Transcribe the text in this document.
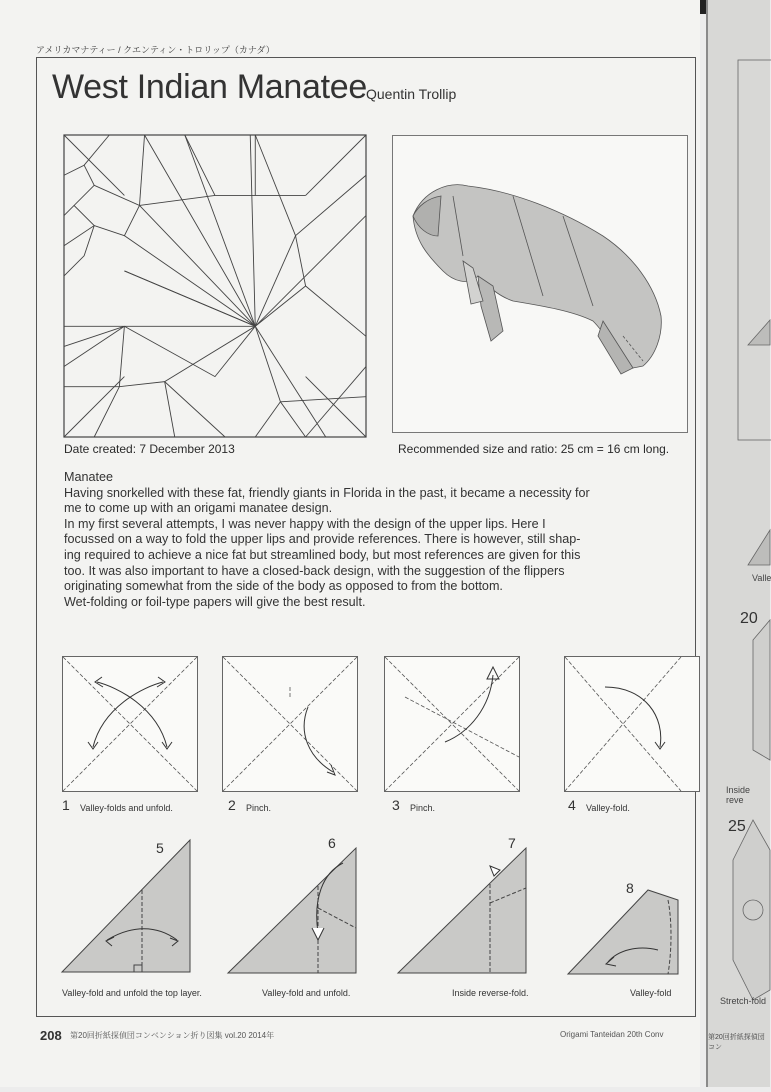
アメリカマナティー / クエンティン・トロリップ（カナダ）
West Indian Manatee Quentin Trollip
Date created: 7 December 2013	Recommended size and ratio: 25 cm = 16 cm long.
Manatee
Having snorkelled with these fat, friendly giants in Florida in the past, it became a necessity for
me to come up with an origami manatee design.
In my first several attempts, I was never happy with the design of the upper lips. Here I
focussed on a way to fold the upper lips and provide references. There is however, still shap-
ing required to achieve a nice fat but streamlined body, but most references are given for this
too. It was also important to have a closed-back design, with the suggestion of the flippers
originating somewhat from the side of the body as opposed to from the bottom.
Wet-folding or foil-type papers will give the best result.
1 Valley-folds and unfold.	2 Pinch.	3 Pinch.	4 Valley-fold.
5	6	7
8
Valley-fold and unfold the top layer.	Valley-fold and unfold.	Inside reverse-fold.	Valley-fold
208 第20回折紙探偵団コンベンション折り図集 vol.20 2014年	Origami Tanteidan 20th Conv
Valle
20
Inside reve
25
Stretch-fold
第20回折紙探偵団コン
